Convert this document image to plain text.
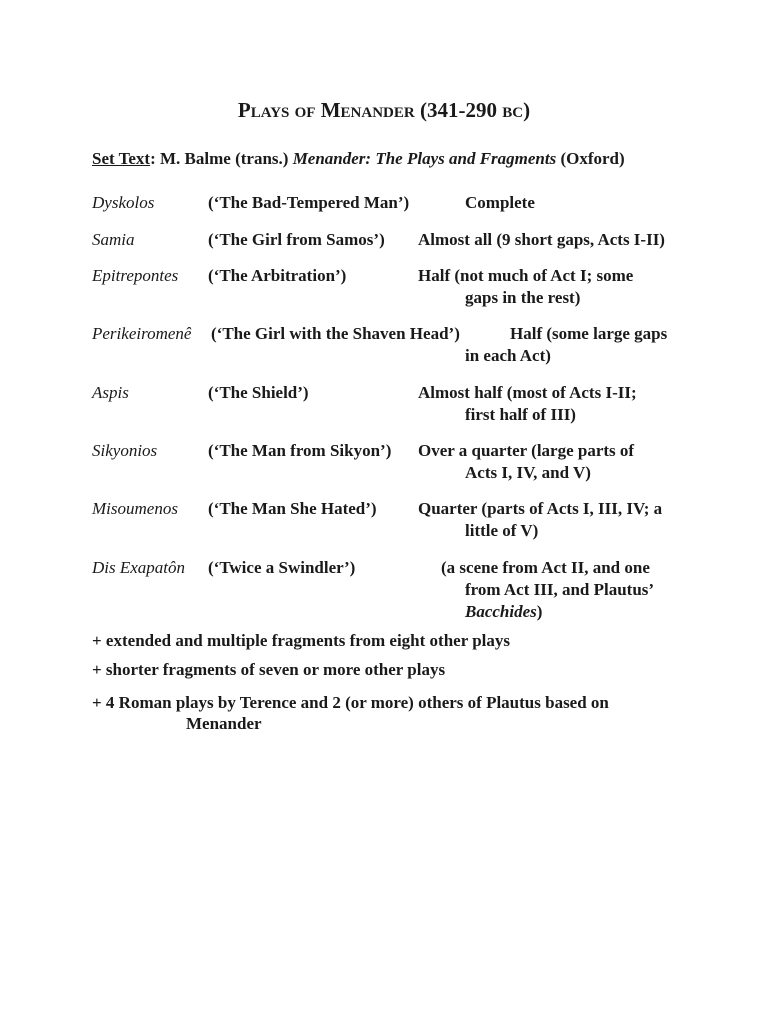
Plays of Menander (341-290 bc)
Set Text: M. Balme (trans.) Menander: The Plays and Fragments (Oxford)
Dyskolos	(‘The Bad-Tempered Man’)	Complete
Samia	(‘The Girl from Samos’) Almost all (9 short gaps, Acts I-II)
Epitrepontes (‘The Arbitration’)	Half (not much of Act I; some
gaps in the rest)
Perikeiromenê (‘The Girl with the Shaven Head’)	Half (some large gaps
in each Act)
Aspis	(‘The Shield’)	Almost half (most of Acts I-II;
first half of III)
Sikyonios	(‘The Man from Sikyon’) Over a quarter (large parts of
Acts I, IV, and V)
Misoumenos (‘The Man She Hated’) Quarter (parts of Acts I, III, IV; a
little of V)
Dis Exapatôn (‘Twice a Swindler’)	(a scene from Act II, and one
from Act III, and Plautus’
Bacchides)
+ extended and multiple fragments from eight other plays
+ shorter fragments of seven or more other plays
+ 4 Roman plays by Terence and 2 (or more) others of Plautus based on
Menander
